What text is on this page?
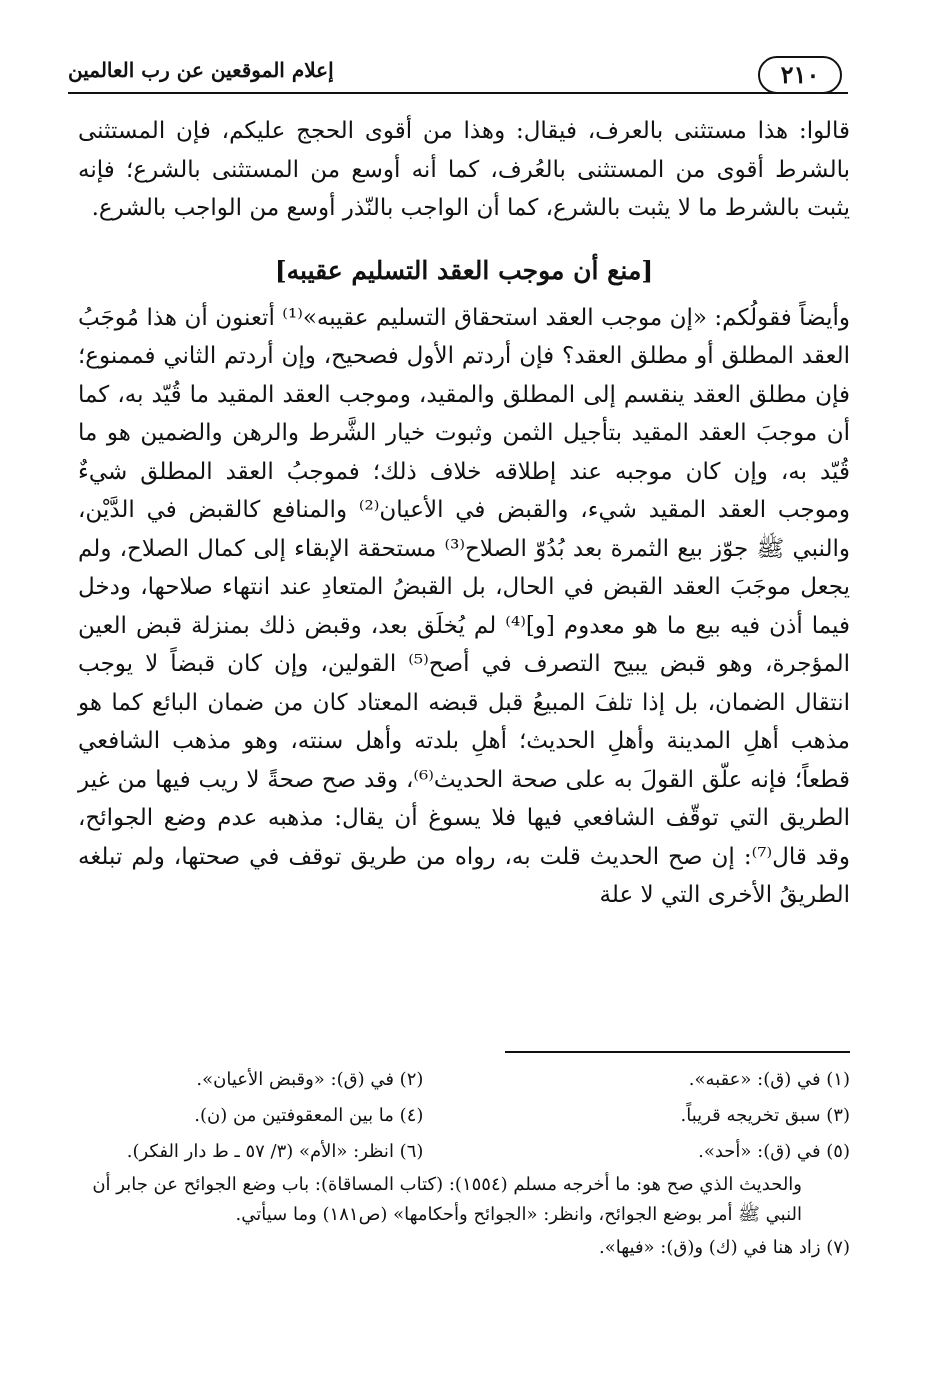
إعلام الموقعين عن رب العالمين	٢١٠

قالوا: هذا مستثنى بالعرف، فيقال: وهذا من أقوى الحجج عليكم، فإن المستثنى بالشرط أقوى من المستثنى بالعُرف، كما أنه أوسع من المستثنى بالشرع؛ فإنه يثبت بالشرط ما لا يثبت بالشرع، كما أن الواجب بالنّذر أوسع من الواجب بالشرع.

[منع أن موجب العقد التسليم عقيبه]

وأيضاً فقولُكم: «إن موجب العقد استحقاق التسليم عقيبه»⁽¹⁾ أتعنون أن هذا مُوجَبُ العقد المطلق أو مطلق العقد؟ فإن أردتم الأول فصحيح، وإن أردتم الثاني فممنوع؛ فإن مطلق العقد ينقسم إلى المطلق والمقيد، وموجب العقد المقيد ما قُيّد به، كما أن موجبَ العقد المقيد بتأجيل الثمن وثبوت خيار الشَّرط والرهن والضمين هو ما قُيّد به، وإن كان موجبه عند إطلاقه خلاف ذلك؛ فموجبُ العقد المطلق شيءٌ وموجب العقد المقيد شيء، والقبض في الأعيان⁽²⁾ والمنافع كالقبض في الدَّيْن، والنبي ﷺ جوّز بيع الثمرة بعد بُدُوّ الصلاح⁽³⁾ مستحقة الإبقاء إلى كمال الصلاح، ولم يجعل موجَبَ العقد القبض في الحال، بل القبضُ المتعادِ عند انتهاء صلاحها، ودخل فيما أذن فيه بيع ما هو معدوم [و]⁽⁴⁾ لم يُخلَق بعد، وقبض ذلك بمنزلة قبض العين المؤجرة، وهو قبض يبيح التصرف في أصح⁽⁵⁾ القولين، وإن كان قبضاً لا يوجب انتقال الضمان، بل إذا تلفَ المبيعُ قبل قبضه المعتاد كان من ضمان البائع كما هو مذهب أهلِ المدينة وأهلِ الحديث؛ أهلِ بلدته وأهل سنته، وهو مذهب الشافعي قطعاً؛ فإنه علّق القولَ به على صحة الحديث⁽⁶⁾، وقد صح صحةً لا ريب فيها من غير الطريق التي توقّف الشافعي فيها فلا يسوغ أن يقال: مذهبه عدم وضع الجوائح، وقد قال⁽⁷⁾: إن صح الحديث قلت به، رواه من طريق توقف في صحتها، ولم تبلغه الطريقُ الأخرى التي لا علة

(١) في (ق): «عقبه».
(٢) في (ق): «وقبض الأعيان».
(٣) سبق تخريجه قريباً.
(٤) ما بين المعقوفتين من (ن).
(٥) في (ق): «أحد».
(٦) انظر: «الأم» (٣/ ٥٧ ـ ط دار الفكر).
والحديث الذي صح هو: ما أخرجه مسلم (١٥٥٤): (كتاب المساقاة): باب وضع الجوائح عن جابر أن النبي ﷺ أمر بوضع الجوائح، وانظر: «الجوائح وأحكامها» (ص١٨١) وما سيأتي.
(٧) زاد هنا في (ك) و(ق): «فيها».
